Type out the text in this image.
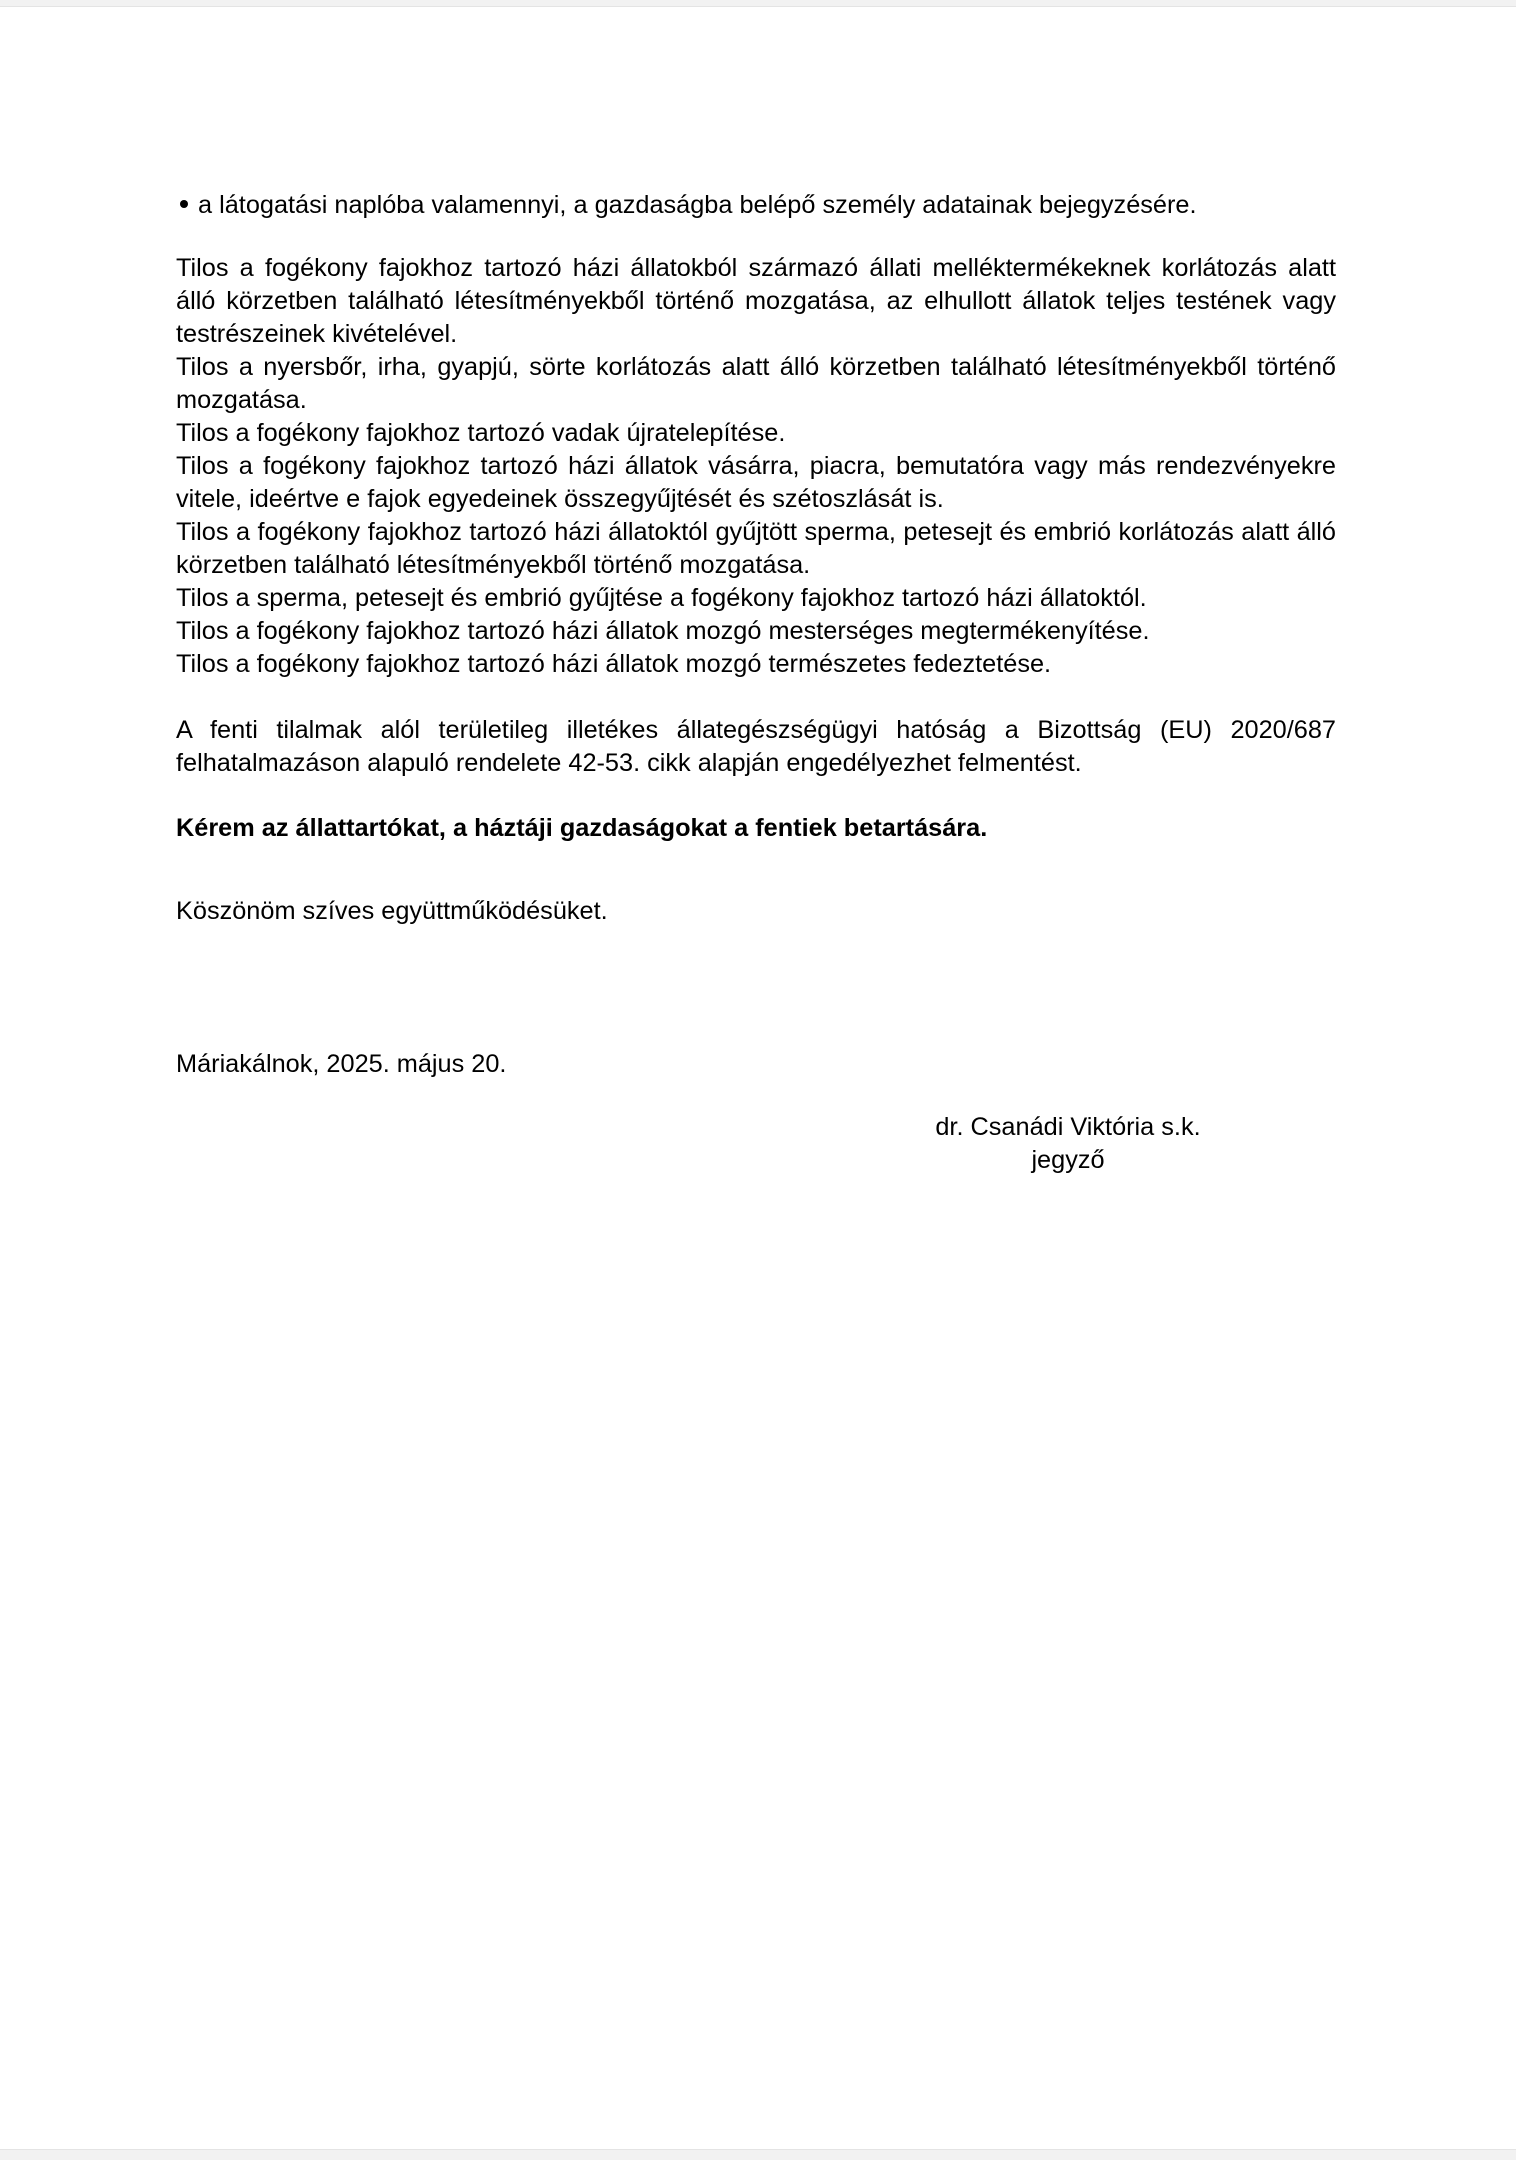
a látogatási naplóba valamennyi, a gazdaságba belépő személy adatainak bejegyzésére.

Tilos a fogékony fajokhoz tartozó házi állatokból származó állati melléktermékeknek korlátozás alatt álló körzetben található létesítményekből történő mozgatása, az elhullott állatok teljes testének vagy testrészeinek kivételével.

Tilos a nyersbőr, irha, gyapjú, sörte korlátozás alatt álló körzetben található létesítményekből történő mozgatása.

Tilos a fogékony fajokhoz tartozó vadak újratelepítése.

Tilos a fogékony fajokhoz tartozó házi állatok vásárra, piacra, bemutatóra vagy más rendezvényekre vitele, ideértve e fajok egyedeinek összegyűjtését és szétoszlását is.

Tilos a fogékony fajokhoz tartozó házi állatoktól gyűjtött sperma, petesejt és embrió korlátozás alatt álló körzetben található létesítményekből történő mozgatása.

Tilos a sperma, petesejt és embrió gyűjtése a fogékony fajokhoz tartozó házi állatoktól.

Tilos a fogékony fajokhoz tartozó házi állatok mozgó mesterséges megtermékenyítése.

Tilos a fogékony fajokhoz tartozó házi állatok mozgó természetes fedeztetése.

A fenti tilalmak alól területileg illetékes állategészségügyi hatóság a Bizottság (EU) 2020/687 felhatalmazáson alapuló rendelete 42-53. cikk alapján engedélyezhet felmentést.

Kérem az állattartókat, a háztáji gazdaságokat a fentiek betartására.

Köszönöm szíves együttműködésüket.

Máriakálnok, 2025. május 20.

dr. Csanádi Viktória s.k.
jegyző
